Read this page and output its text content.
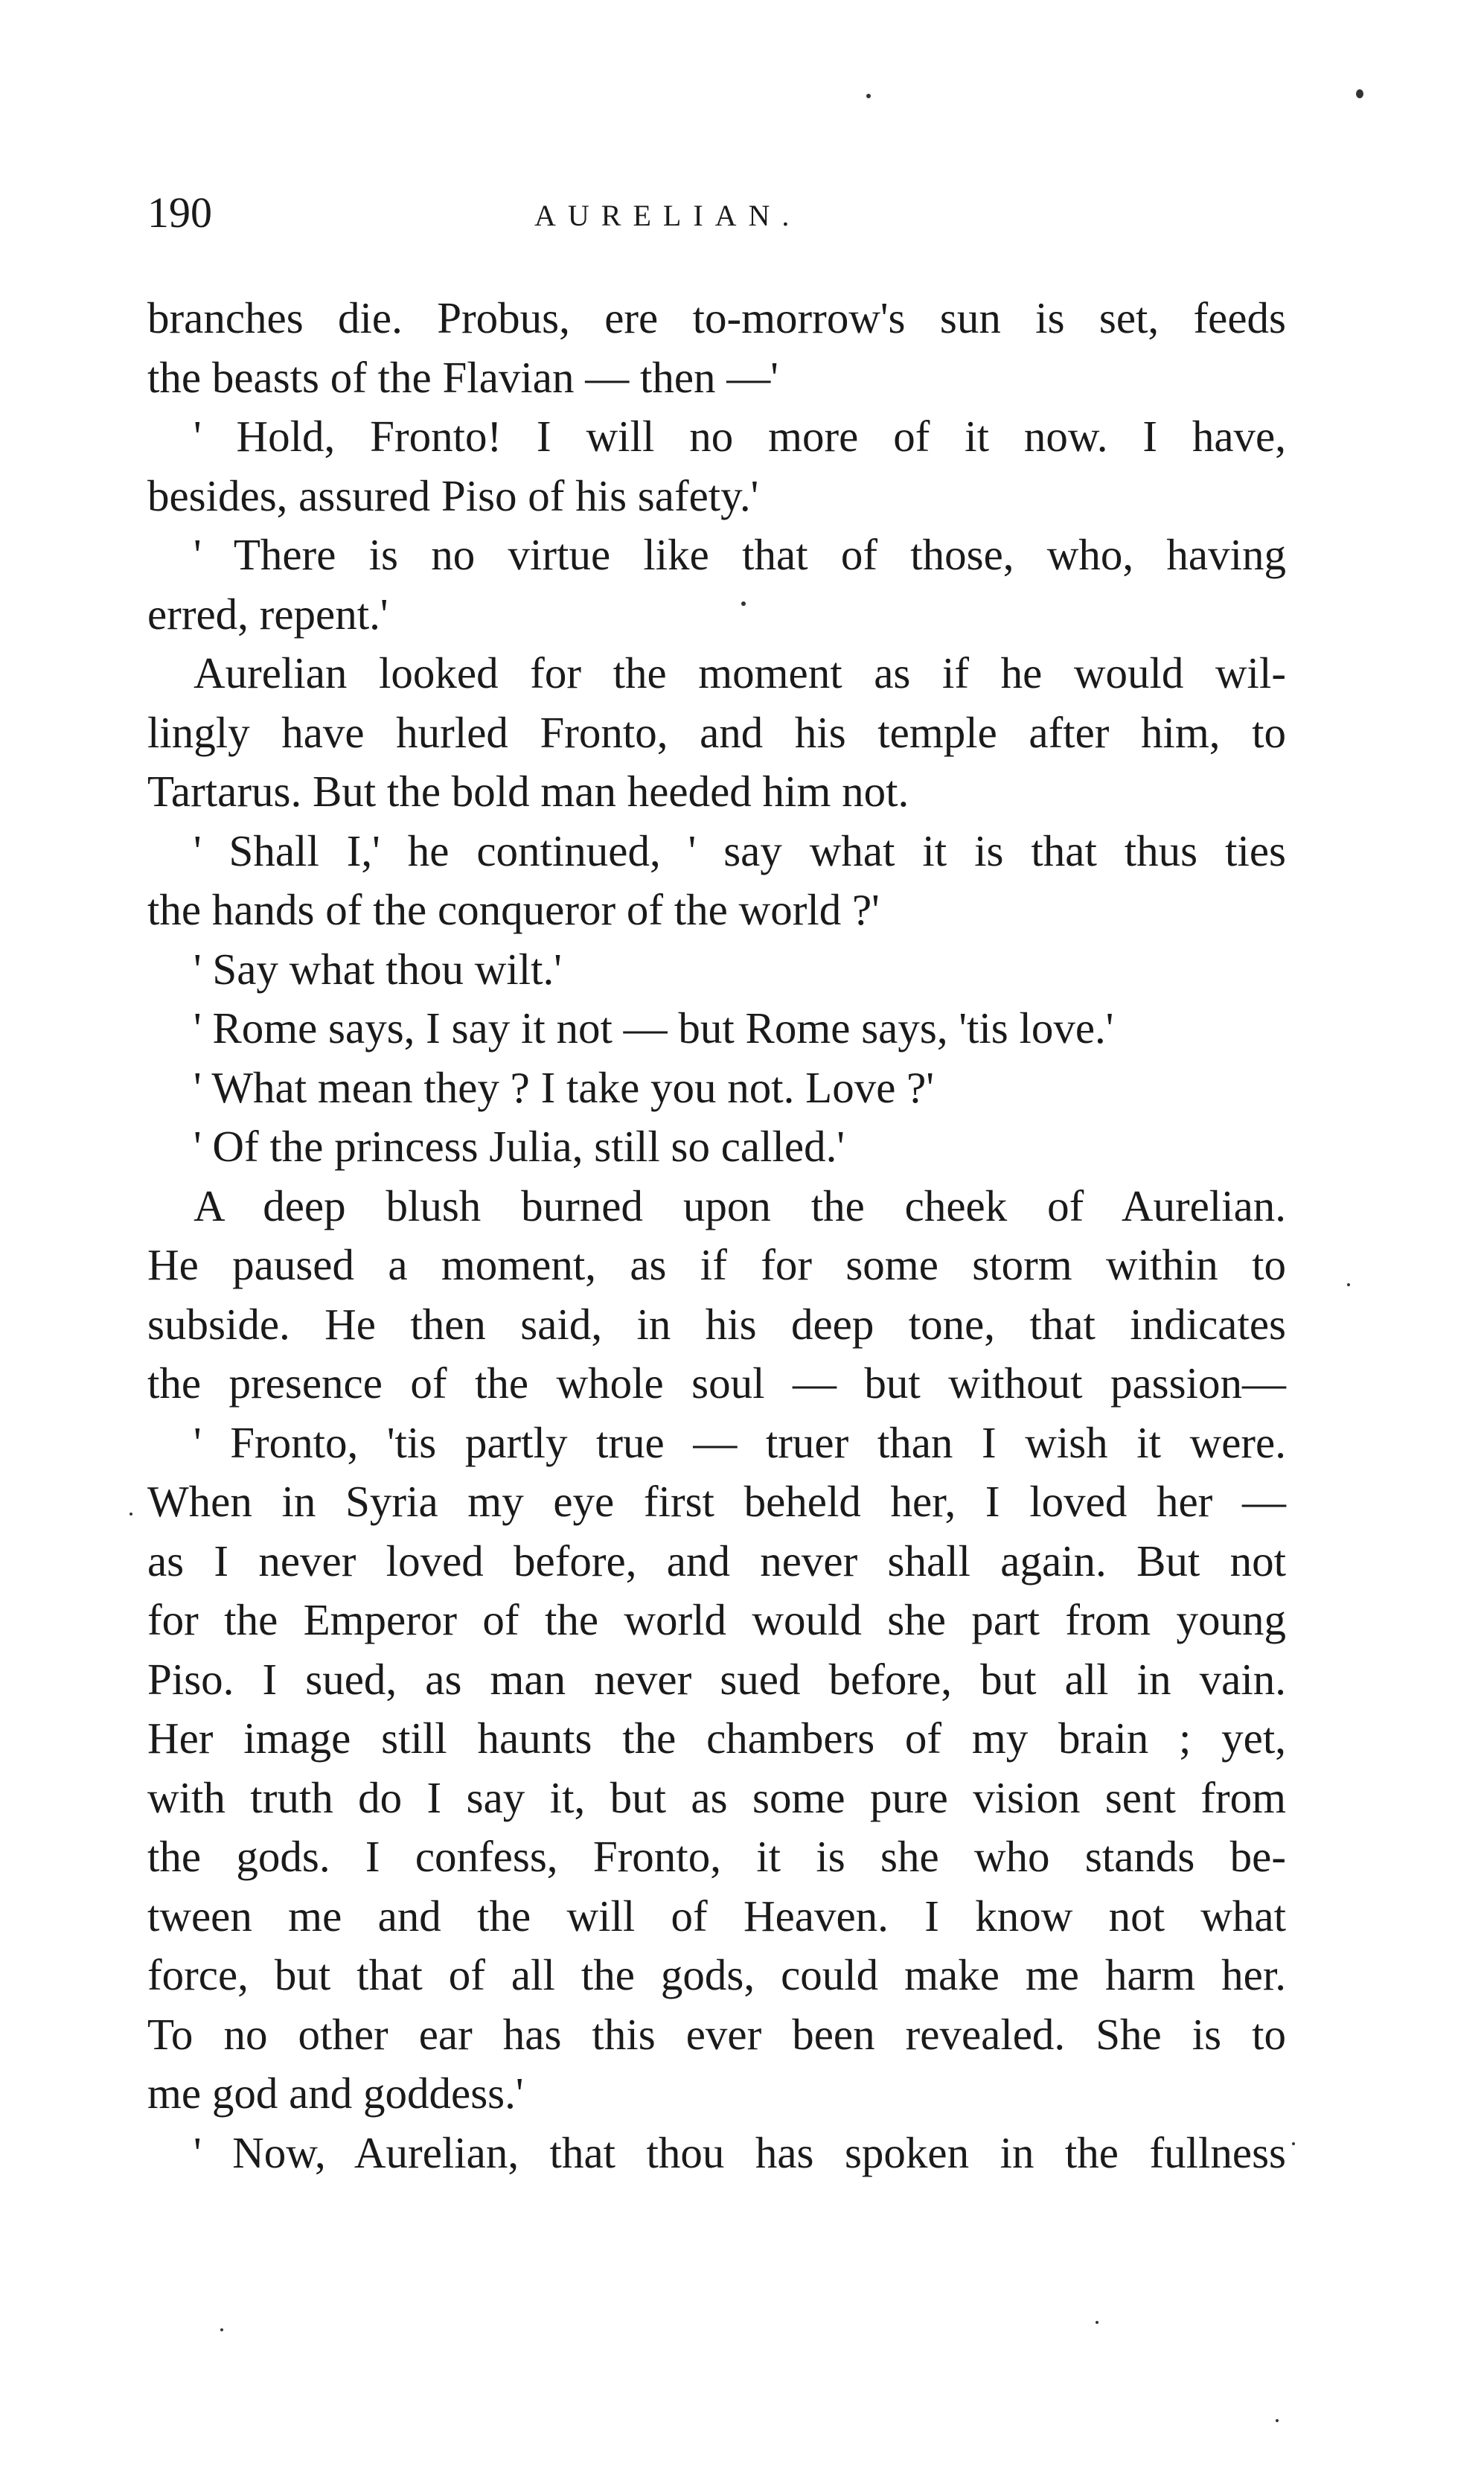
190	AURELIAN.
branches die. Probus, ere to-morrow's sun is set, feeds
the beasts of the Flavian — then —'
' Hold, Fronto! I will no more of it now. I have,
besides, assured Piso of his safety.'
' There is no virtue like that of those, who, having
erred, repent.'
Aurelian looked for the moment as if he would wil-
lingly have hurled Fronto, and his temple after him, to
Tartarus. But the bold man heeded him not.
' Shall I,' he continued, ' say what it is that thus ties
the hands of the conqueror of the world ?'
' Say what thou wilt.'
' Rome says, I say it not — but Rome says, 'tis love.'
' What mean they ? I take you not. Love ?'
' Of the princess Julia, still so called.'
A deep blush burned upon the cheek of Aurelian.
He paused a moment, as if for some storm within to
subside. He then said, in his deep tone, that indicates
the presence of the whole soul — but without passion—
' Fronto, 'tis partly true — truer than I wish it were.
When in Syria my eye first beheld her, I loved her —
as I never loved before, and never shall again. But not
for the Emperor of the world would she part from young
Piso. I sued, as man never sued before, but all in vain.
Her image still haunts the chambers of my brain ; yet,
with truth do I say it, but as some pure vision sent from
the gods. I confess, Fronto, it is she who stands be-
tween me and the will of Heaven. I know not what
force, but that of all the gods, could make me harm her.
To no other ear has this ever been revealed. She is to
me god and goddess.'
' Now, Aurelian, that thou has spoken in the fullness
